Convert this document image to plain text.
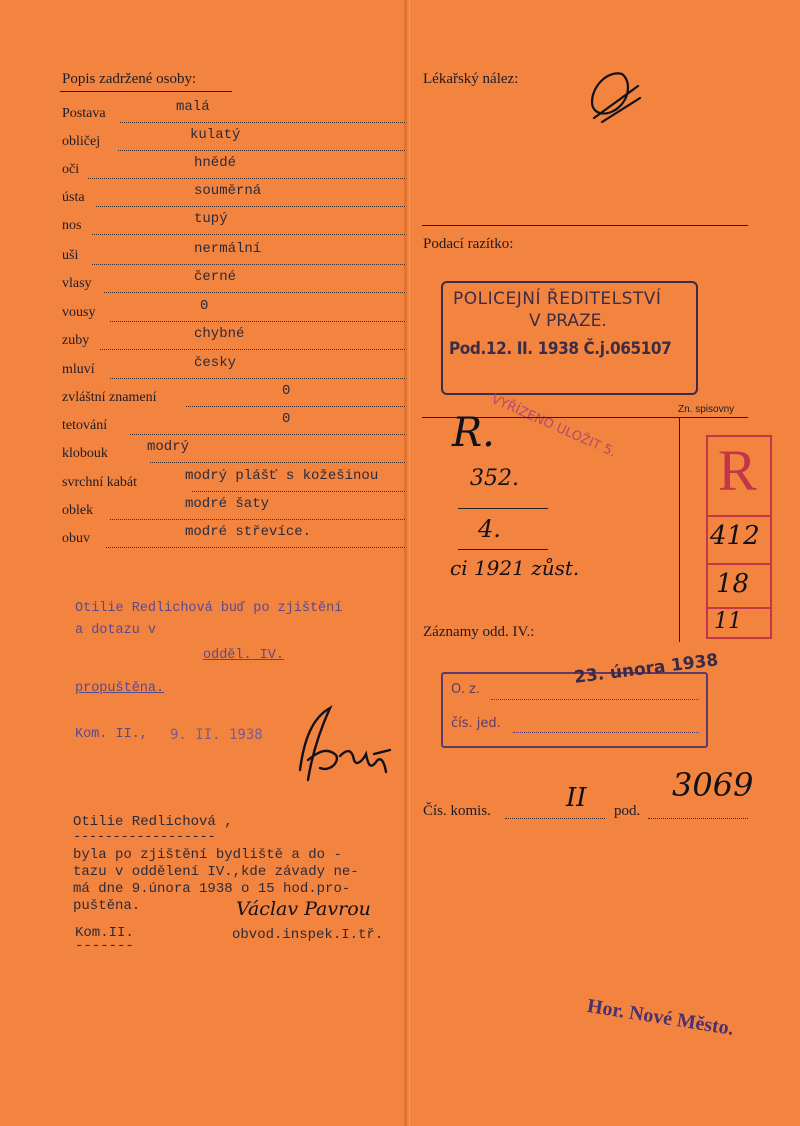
Popis zadržené osoby:
Postava	malá
obličej	kulatý
oči	hnědé
ústa	souměrná
nos	tupý
uši	nermální
vlasy	černé
vousy	0
zuby	chybné
mluví	česky
zvláštní znamení	0
tetování	0
klobouk	modrý
svrchní kabát	modrý plášť s kožešinou
oblek	modré šaty
obuv	modré střevíce.
Otilie Redlichová buď po zjištění
a dotazu v
odděl. IV.
propuštěna.
Kom. II., 9. II. 1938
Otilie Redlichová ,
------------------
byla po zjištění bydliště a do -
tazu v oddělení IV.,kde závady ne-
má dne 9.února 1938 o 15 hod.pro-
puštěna.
Kom.II.
-------
obvod.inspek.I.tř.
Václav Pavrou
Lékařský nález:
Podací razítko:
POLICEJNÍ ŘEDITELSTVÍ
V PRAZE.
Pod.12. II. 1938 Č.j.065107
VYŘÍZENO ULOŽIT 5.	Zn. spisovny
R.
352.
4.
ci 1921 zůst.
R
412
18
11
Záznamy odd. IV.:
O. z.
čís. jed.
23. února 1938
Čís. komis.	II pod.
3069
Hor. Nové Město.
